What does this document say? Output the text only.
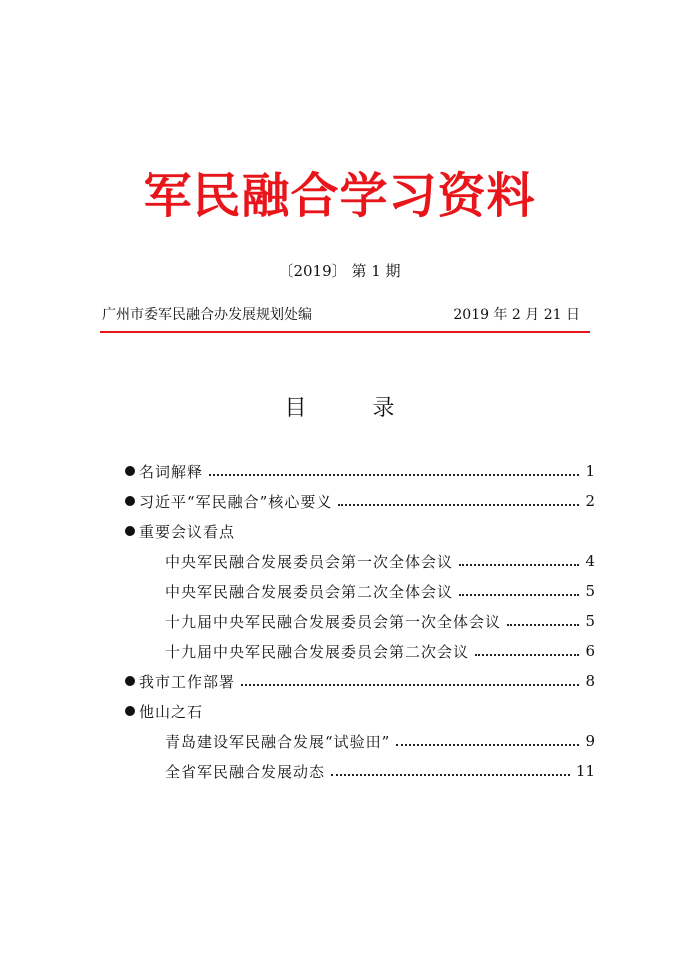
军民融合学习资料
〔2019〕 第 1 期
广州市委军民融合办发展规划处编	2019 年 2 月 21 日
目	录
名词解释	1
习近平“军民融合”核心要义	2
重要会议看点
中央军民融合发展委员会第一次全体会议	4
中央军民融合发展委员会第二次全体会议	5
十九届中央军民融合发展委员会第一次全体会议	5
十九届中央军民融合发展委员会第二次会议	6
我市工作部署	8
他山之石
青岛建设军民融合发展“试验田”	9
全省军民融合发展动态	11
